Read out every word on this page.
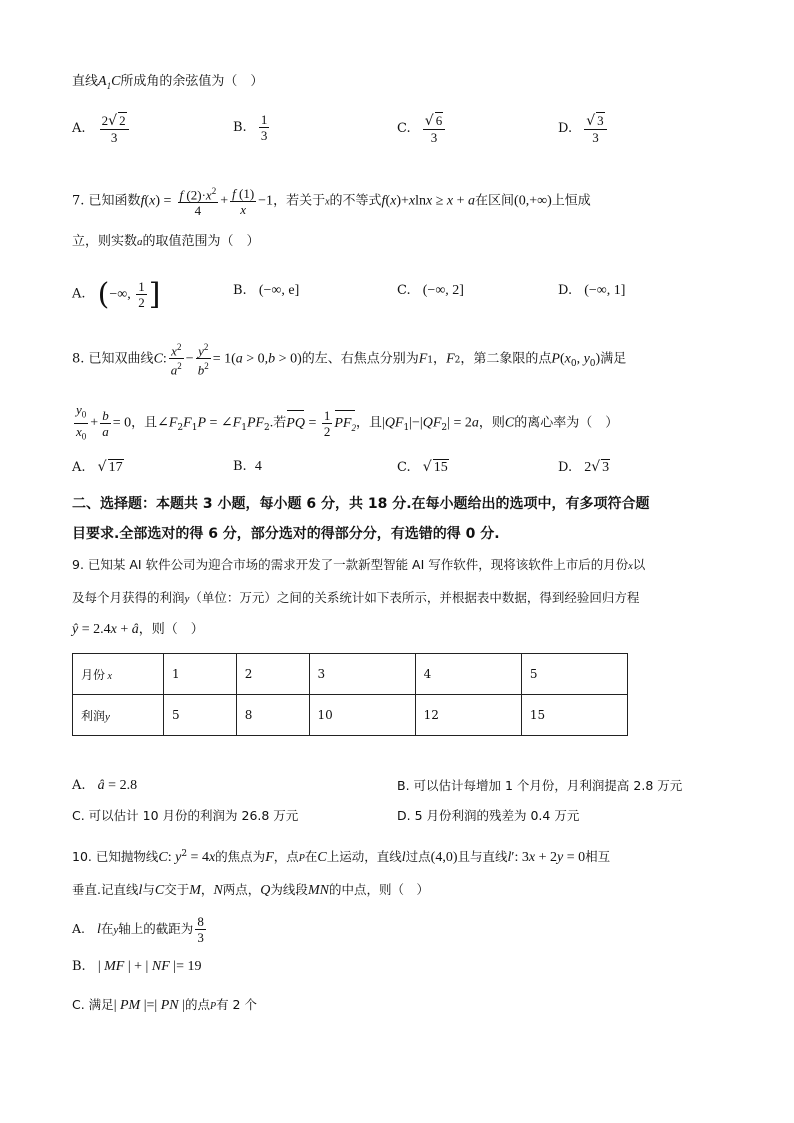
直线$A_1C$所成角的余弦值为（　）
A. $\frac{2√ 2}{3}$	B. $\frac{1}{3}$	C. $\frac{√ 6}{3}$	D. $\frac{√ 3}{3}$
7. 已知函数$f(x) = \frac{f (2)\cdot x^2}{4} + \frac{f (1)}{x} -1$，若关于x的不等式f(x)+xlnx ≥ x + a在区间(0,+∞)上恒成
立，则实数a的取值范围为（　）
A. (−∞, $\frac{1}{2}$ ]	B. (−∞, e]	C. (−∞, 2]	D. (−∞, 1]
8. 已知双曲线C: $\frac{x^2}{a^2} - \frac{y^2}{b^2} = 1(a > 0,b > 0)$的左、右焦点分别为F1，F2，第二象限的点$P(x_0$, $y_0$)满足
$\frac{y_0}{x_0} + \frac{b}{a} = 0$，且$\angle F_2F_1P$ = $\angle F_1PF_2$.若PQ = $\frac{1}{2} PF_2$，且$|QF_1|-|QF_2| = 2a$，则C的离心率为（　）
A. √ 17	B. 4	C. √ 15	D. 2√ 3
二、选择题：本题共 3 小题，每小题 6 分，共 18 分.在每小题给出的选项中，有多项符合题
目要求.全部选对的得 6 分，部分选对的得部分分，有选错的得 0 分.
9. 已知某 AI 软件公司为迎合市场的需求开发了一款新型智能 AI 写作软件，现将该软件上市后的月份x以
及每个月获得的利润y（单位：万元）之间的关系统计如下表所示，并根据表中数据，得到经验回归方程
ŷ = 2.4x + â，则（　）
月份 x	1	2	3	4	5
利润y	5	8	10	12	15
A. â = 2.8	B. 可以估计每增加 1 个月份，月利润提高 2.8 万元
C. 可以估计 10 月份的利润为 26.8 万元	D. 5 月份利润的残差为 0.4 万元
10. 已知抛物线C: $y^2 = 4x$的焦点为F，点P在C上运动，直线l过点(4,0)且与直线l′: 3x + 2y = 0相互
垂直.记直线l与C交于M，N两点，Q为线段MN的中点，则（　）
A. l在y轴上的截距为 $\frac{8}{3}$
B. | MF | + | NF |= 19
C. 满足| PM |=| PN |的点P有 2 个
